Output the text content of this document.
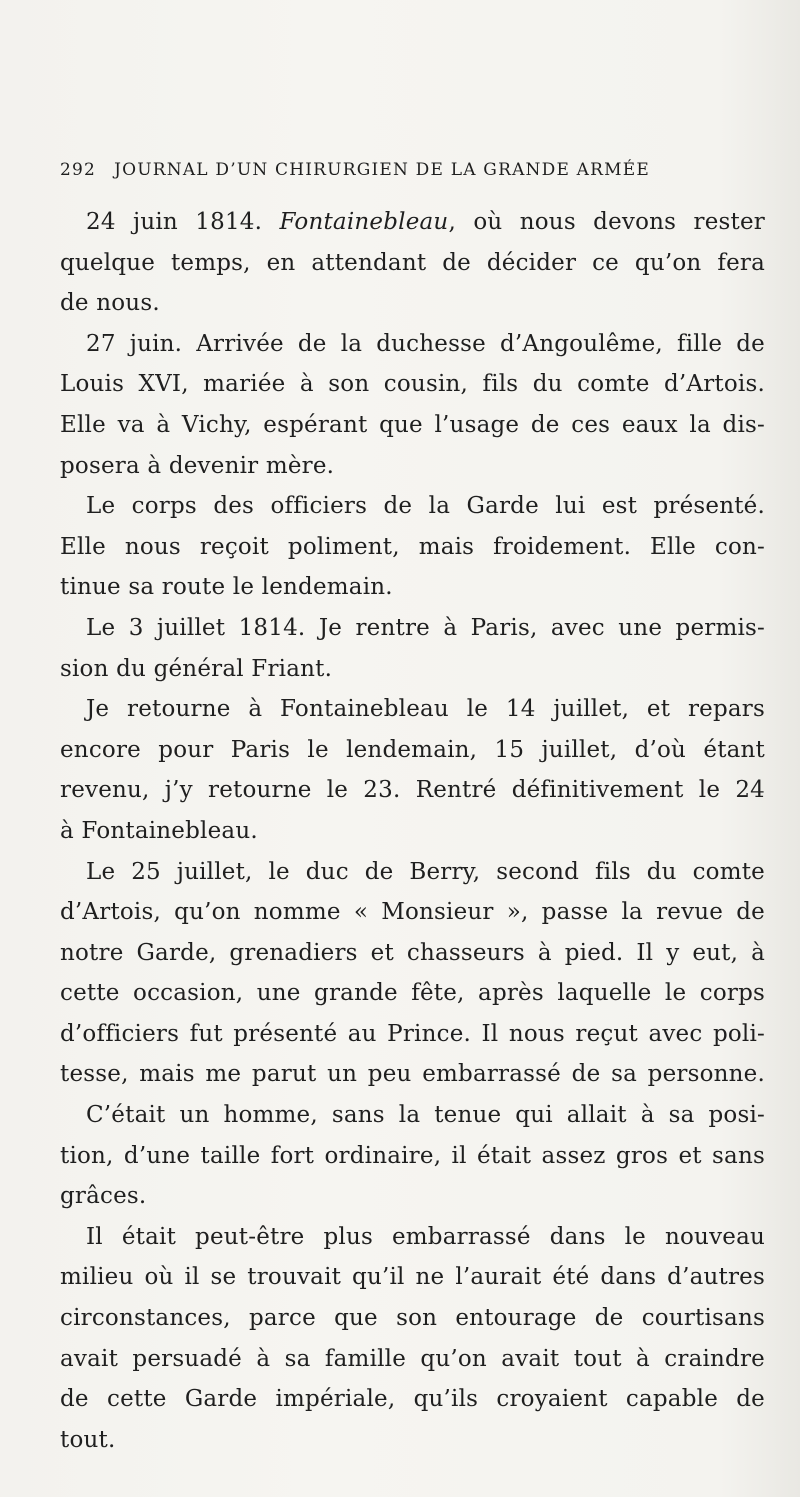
292 JOURNAL D’UN CHIRURGIEN DE LA GRANDE ARMÉE
24 juin 1814. Fontainebleau, où nous devons rester
quelque temps, en attendant de décider ce qu’on fera
de nous.
27 juin. Arrivée de la duchesse d’Angoulême, fille de
Louis XVI, mariée à son cousin, fils du comte d’Artois.
Elle va à Vichy, espérant que l’usage de ces eaux la dis-
posera à devenir mère.
Le corps des officiers de la Garde lui est présenté.
Elle nous reçoit poliment, mais froidement. Elle con-
tinue sa route le lendemain.
Le 3 juillet 1814. Je rentre à Paris, avec une permis-
sion du général Friant.
Je retourne à Fontainebleau le 14 juillet, et repars
encore pour Paris le lendemain, 15 juillet, d’où étant
revenu, j’y retourne le 23. Rentré définitivement le 24
à Fontainebleau.
Le 25 juillet, le duc de Berry, second fils du comte
d’Artois, qu’on nomme « Monsieur », passe la revue de
notre Garde, grenadiers et chasseurs à pied. Il y eut, à
cette occasion, une grande fête, après laquelle le corps
d’officiers fut présenté au Prince. Il nous reçut avec poli-
tesse, mais me parut un peu embarrassé de sa personne.
C’était un homme, sans la tenue qui allait à sa posi-
tion, d’une taille fort ordinaire, il était assez gros et sans
grâces.
Il était peut-être plus embarrassé dans le nouveau
milieu où il se trouvait qu’il ne l’aurait été dans d’autres
circonstances, parce que son entourage de courtisans
avait persuadé à sa famille qu’on avait tout à craindre
de cette Garde impériale, qu’ils croyaient capable de
tout.
